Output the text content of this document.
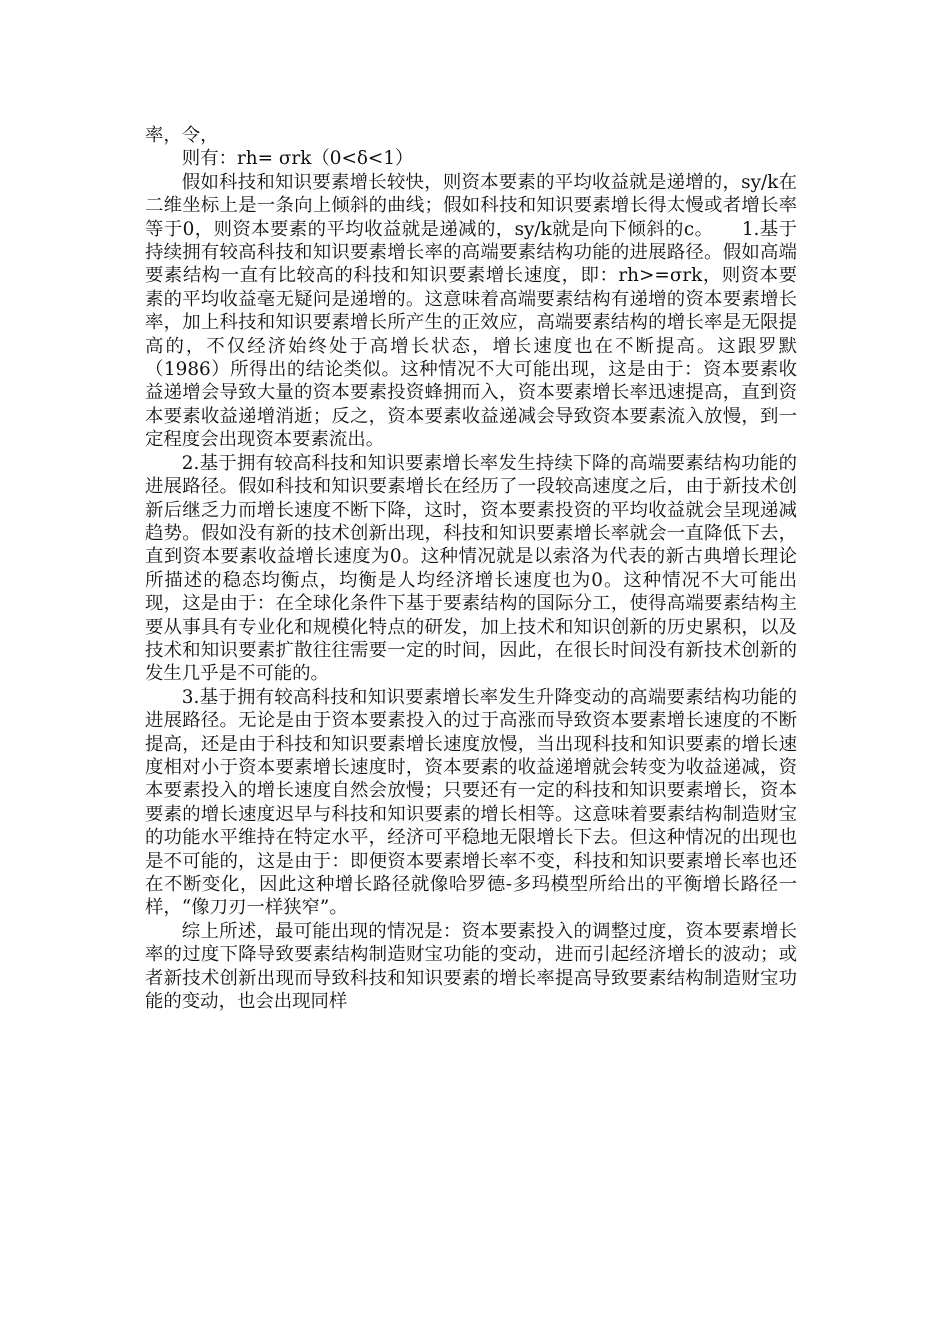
率，令，

则有：rh= σrk（0<δ<1）

假如科技和知识要素增长较快，则资本要素的平均收益就是递增的，sy/k在二维坐标上是一条向上倾斜的曲线；假如科技和知识要素增长得太慢或者增长率等于0，则资本要素的平均收益就是递减的，sy/k就是向下倾斜的c。　　1.基于持续拥有较高科技和知识要素增长率的高端要素结构功能的进展路径。假如高端要素结构一直有比较高的科技和知识要素增长速度，即：rh>=σrk，则资本要素的平均收益毫无疑问是递增的。这意味着高端要素结构有递增的资本要素增长率，加上科技和知识要素增长所产生的正效应，高端要素结构的增长率是无限提高的，不仅经济始终处于高增长状态，增长速度也在不断提高。这跟罗默（1986）所得出的结论类似。这种情况不大可能出现，这是由于：资本要素收益递增会导致大量的资本要素投资蜂拥而入，资本要素增长率迅速提高，直到资本要素收益递增消逝；反之，资本要素收益递减会导致资本要素流入放慢，到一定程度会出现资本要素流出。

2.基于拥有较高科技和知识要素增长率发生持续下降的高端要素结构功能的进展路径。假如科技和知识要素增长在经历了一段较高速度之后，由于新技术创新后继乏力而增长速度不断下降，这时，资本要素投资的平均收益就会呈现递减趋势。假如没有新的技术创新出现，科技和知识要素增长率就会一直降低下去，直到资本要素收益增长速度为0。这种情况就是以索洛为代表的新古典增长理论所描述的稳态均衡点，均衡是人均经济增长速度也为0。这种情况不大可能出现，这是由于：在全球化条件下基于要素结构的国际分工，使得高端要素结构主要从事具有专业化和规模化特点的研发，加上技术和知识创新的历史累积，以及技术和知识要素扩散往往需要一定的时间，因此，在很长时间没有新技术创新的发生几乎是不可能的。

3.基于拥有较高科技和知识要素增长率发生升降变动的高端要素结构功能的进展路径。无论是由于资本要素投入的过于高涨而导致资本要素增长速度的不断提高，还是由于科技和知识要素增长速度放慢，当出现科技和知识要素的增长速度相对小于资本要素增长速度时，资本要素的收益递增就会转变为收益递减，资本要素投入的增长速度自然会放慢；只要还有一定的科技和知识要素增长，资本要素的增长速度迟早与科技和知识要素的增长相等。这意味着要素结构制造财宝的功能水平维持在特定水平，经济可平稳地无限增长下去。但这种情况的出现也是不可能的，这是由于：即便资本要素增长率不变，科技和知识要素增长率也还在不断变化，因此这种增长路径就像哈罗德-多玛模型所给出的平衡增长路径一样，“像刀刃一样狭窄”。

综上所述，最可能出现的情况是：资本要素投入的调整过度，资本要素增长率的过度下降导致要素结构制造财宝功能的变动，进而引起经济增长的波动；或者新技术创新出现而导致科技和知识要素的增长率提高导致要素结构制造财宝功能的变动，也会出现同样
